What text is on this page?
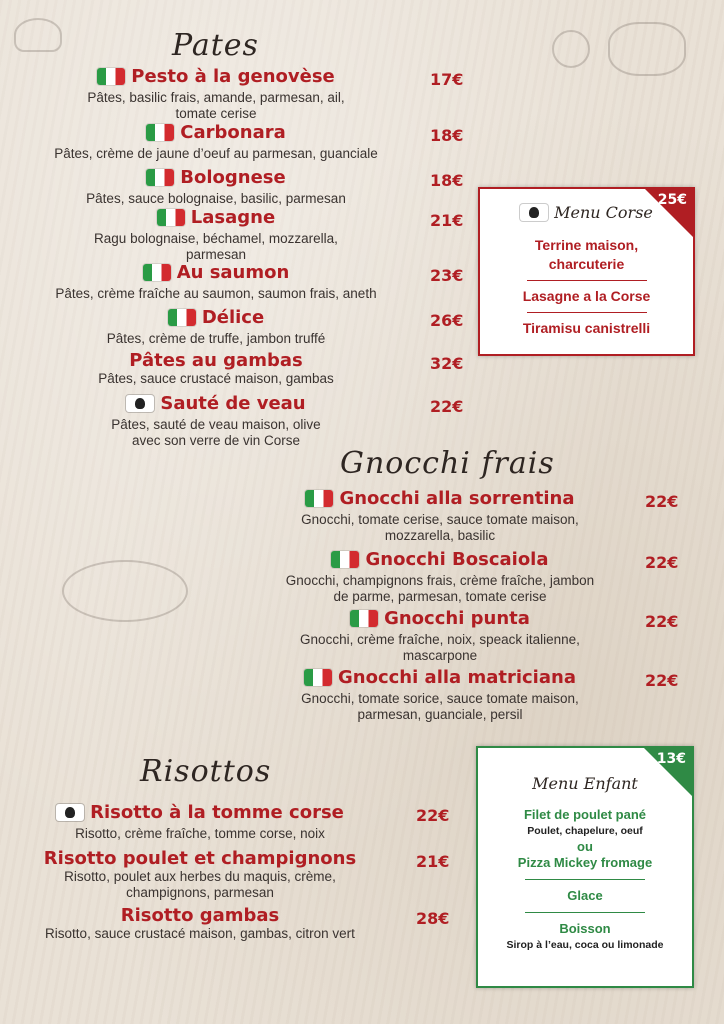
Pates
Gnocchi frais
Risottos
Pesto à la genovèse
Pâtes, basilic frais, amande, parmesan, ail,
tomate cerise
17€
Carbonara
Pâtes, crème de jaune d’oeuf au parmesan, guanciale
18€
Bolognese
Pâtes, sauce bolognaise, basilic, parmesan
18€
Lasagne
Ragu bolognaise, béchamel, mozzarella,
parmesan
21€
Au saumon
Pâtes, crème fraîche au saumon, saumon frais, aneth
23€
Délice
Pâtes, crème de truffe, jambon truffé
26€
Pâtes au gambas
Pâtes, sauce crustacé maison, gambas
32€
Sauté de veau
Pâtes, sauté de veau maison, olive
avec son verre de vin Corse
22€
Gnocchi alla sorrentina
Gnocchi, tomate cerise, sauce tomate maison,
mozzarella, basilic
22€
Gnocchi Boscaiola
Gnocchi, champignons frais, crème fraîche, jambon
de parme, parmesan, tomate cerise
22€
Gnocchi punta
Gnocchi, crème fraîche, noix, speack italienne,
mascarpone
22€
Gnocchi alla matriciana
Gnocchi, tomate sorice, sauce tomate maison,
parmesan, guanciale, persil
22€
Risotto à la tomme corse
Risotto, crème fraîche, tomme corse, noix
22€
Risotto poulet et champignons
Risotto, poulet aux herbes du maquis, crème,
champignons, parmesan
21€
Risotto gambas
Risotto, sauce crustacé maison, gambas, citron vert
28€
25€
Menu Corse
Terrine maison,
charcuterie
Lasagne a la Corse
Tiramisu canistrelli
13€
Menu Enfant
Filet de poulet pané
Poulet, chapelure, oeuf
ou
Pizza Mickey fromage
Glace
Boisson
Sirop à l’eau, coca ou limonade
